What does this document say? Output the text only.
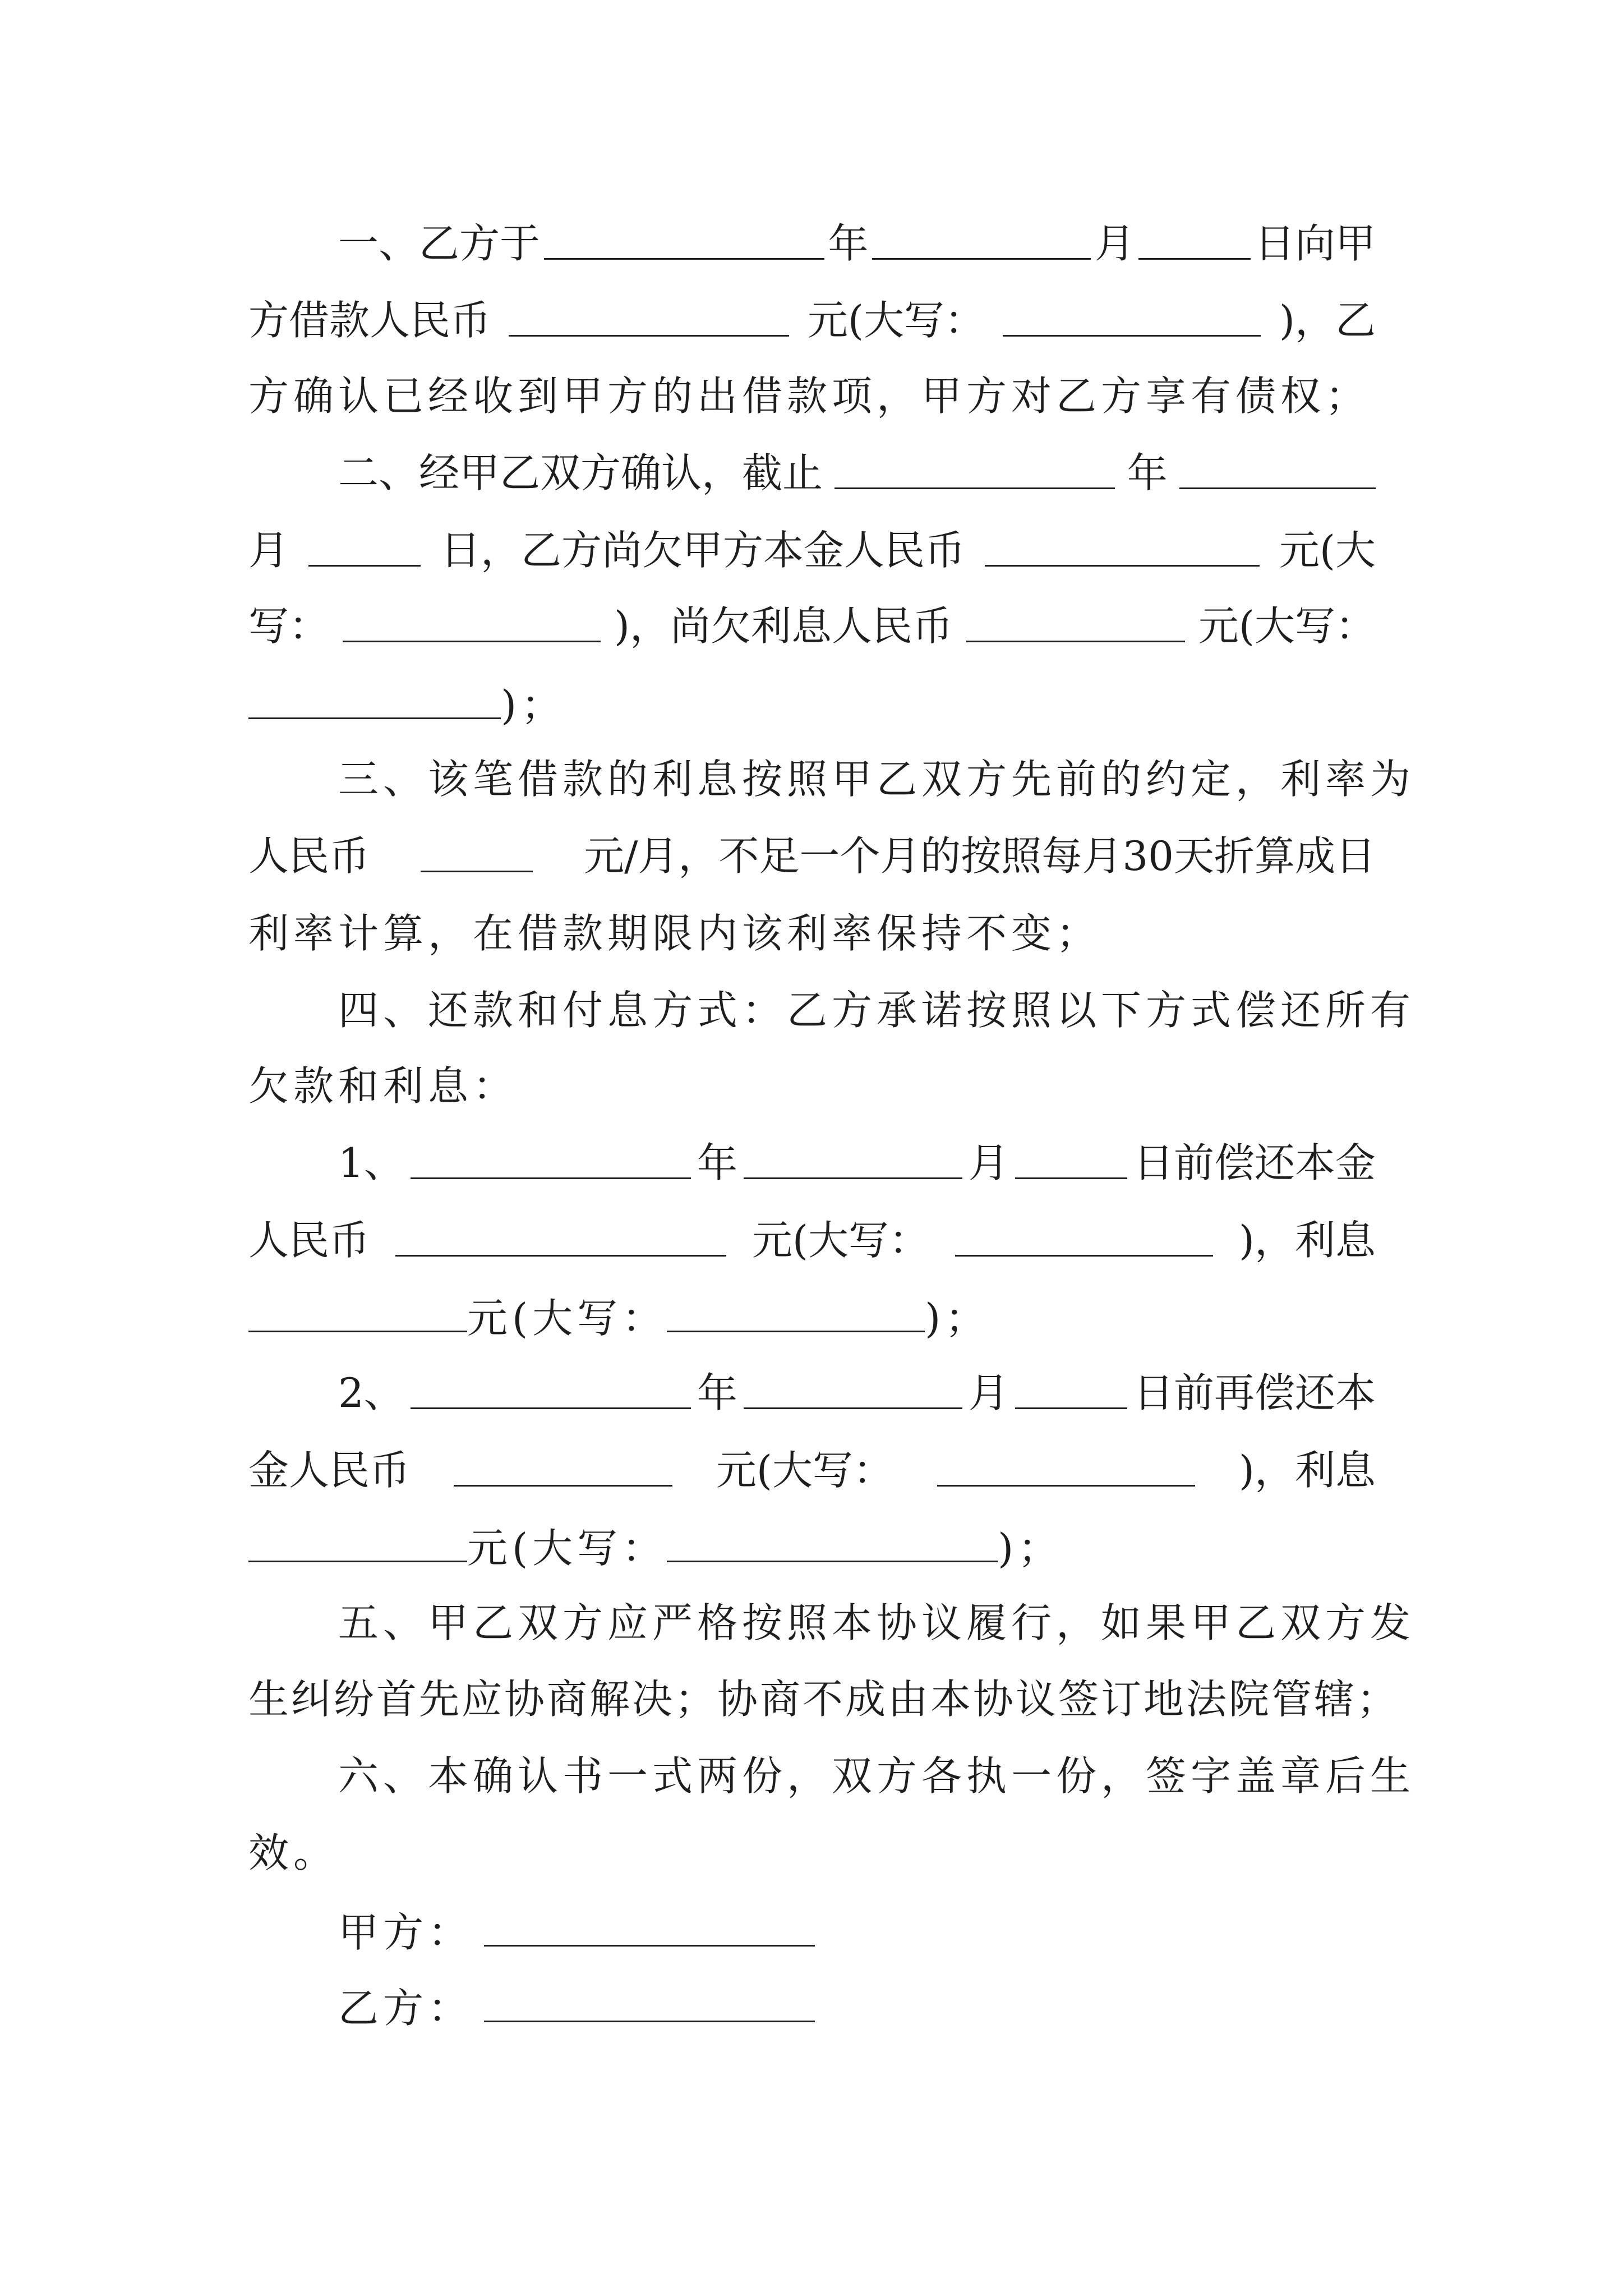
一、乙方于	年	月	日向甲
方借款人民币	元(大写：	)，乙
方确认已经收到甲方的出借款项，甲方对乙方享有债权；
二、经甲乙双方确认，截止	年
月	日，乙方尚欠甲方本金人民币	元(大
写：	)，尚欠利息人民币	元(大写：
)；
三、该笔借款的利息按照甲乙双方先前的约定，利率为
人民币	元/月，不足一个月的按照每月30天折算成日
利率计算，在借款期限内该利率保持不变；
四、还款和付息方式：乙方承诺按照以下方式偿还所有
欠款和利息：
1、	年	月	日前偿还本金
人民币	元(大写：	)，利息
元(大写：	)；
2、	年	月	日前再偿还本
金人民币	元(大写：	)，利息
元(大写：	)；
五、甲乙双方应严格按照本协议履行，如果甲乙双方发
生纠纷首先应协商解决；协商不成由本协议签订地法院管辖；
六、本确认书一式两份，双方各执一份，签字盖章后生
效。
甲方：
乙方：
